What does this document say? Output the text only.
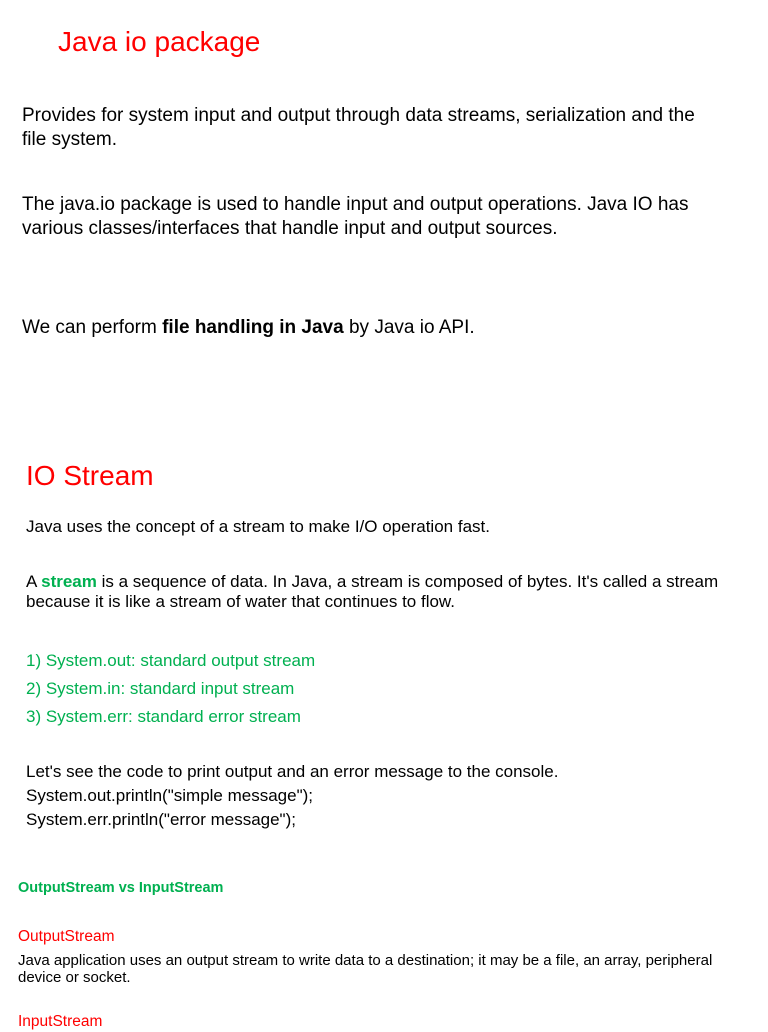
Java io package

Provides for system input and output through data streams, serialization and the file system.

The java.io package is used to handle input and output operations. Java IO has various classes/interfaces that handle input and output sources.

We can perform file handling in Java by Java io API.

IO Stream

Java uses the concept of a stream to make I/O operation fast.

A stream is a sequence of data. In Java, a stream is composed of bytes. It's called a stream because it is like a stream of water that continues to flow.

1) System.out: standard output stream
2) System.in: standard input stream
3) System.err: standard error stream
Let's see the code to print output and an error message to the console.
System.out.println("simple message");
System.err.println("error message");
OutputStream vs InputStream
OutputStream

Java application uses an output stream to write data to a destination; it may be a file, an array, peripheral device or socket.

InputStream
